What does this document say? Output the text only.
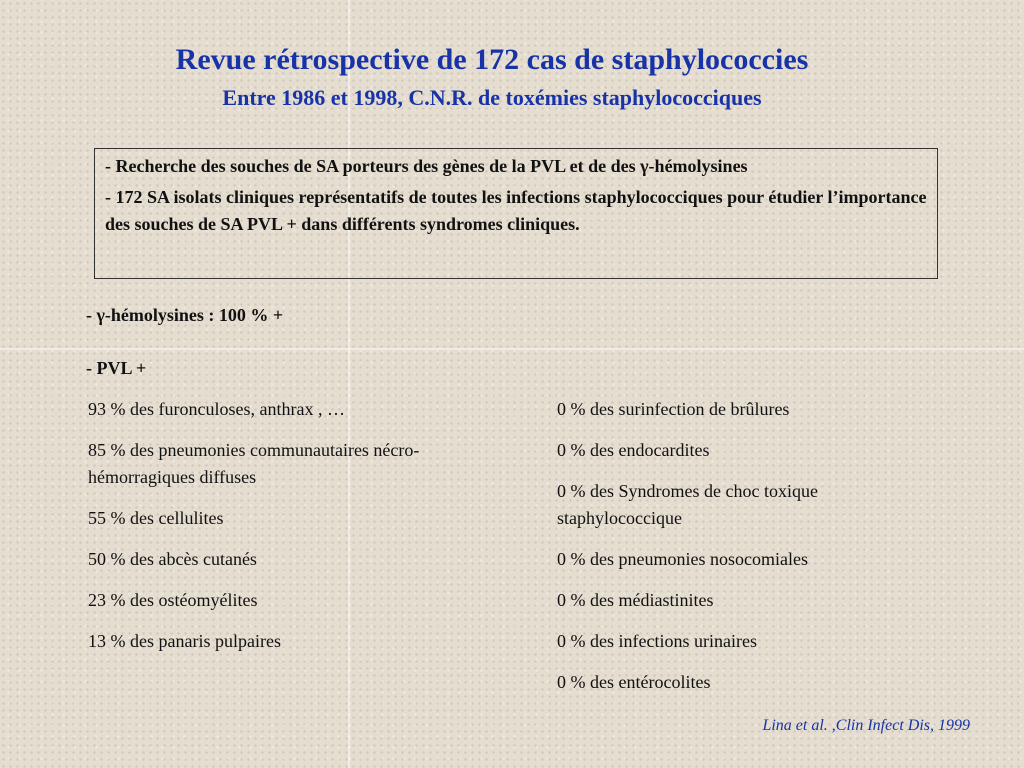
Revue rétrospective de 172 cas de staphylococcies
Entre 1986 et 1998, C.N.R. de toxémies staphylococciques

- Recherche des souches de SA porteurs des gènes de la PVL et de des γ-hémolysines

- 172 SA isolats cliniques représentatifs de toutes les infections staphylococciques pour étudier l’importance des souches de SA PVL + dans différents syndromes cliniques.

- γ-hémolysines : 100 % +
- PVL +
93 % des furonculoses, anthrax , …
85 % des pneumonies communautaires nécro-hémorragiques diffuses
55 % des cellulites
50 % des abcès cutanés
23 % des ostéomyélites
13 % des panaris pulpaires
0 % des surinfection de brûlures
0 % des endocardites
0 % des Syndromes de choc toxique staphylococcique
0 % des pneumonies nosocomiales
0 % des médiastinites
0 % des infections urinaires
0 % des entérocolites
Lina et al. ,Clin Infect Dis, 1999
